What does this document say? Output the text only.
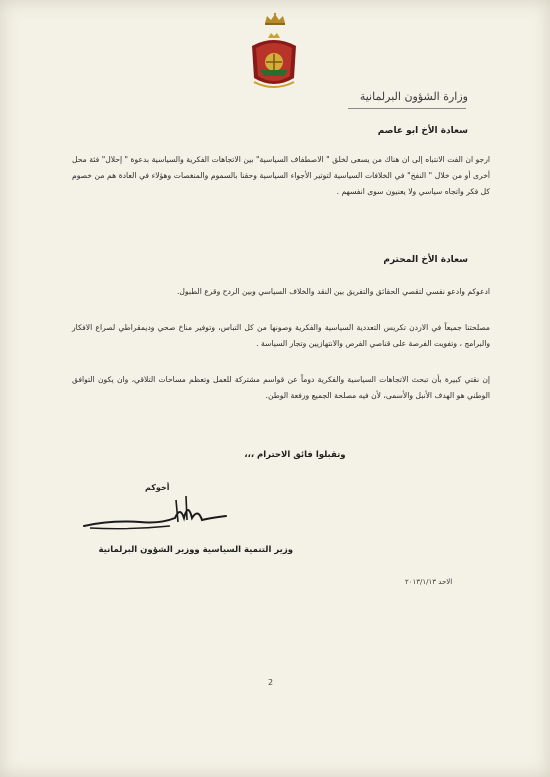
وزارة الشؤون البرلمانية
سعادة الأخ ابو عاصم
ارجو ان الفت الانتباه إلى ان هناك من يسعى لخلق " الاصطفاف السياسية" بين الاتجاهات الفكرية والسياسية بدعوة " إحلال" فئة محل أخرى أو من خلال " النفخ" في الخلافات السياسية لتوتير الأجواء السياسية وحقنا بالسموم والمنغصات وهؤلاء في العادة هم من خصوم كل فكر واتجاه سياسي ولا يعنيون سوى انفسهم .
سعادة الأخ المحترم
ادعوكم وادعو نفسي لتقصي الحقائق والتفريق بين النقد والخلاف السياسي وبين الردح وقرع الطبول.
مصلحتنا جميعاً في الاردن تكريس التعددية السياسية والفكرية وصونها من كل التباس، وتوفير مناخ صحي وديمقراطي لصراع الافكار والبرامج ، وتفويت الفرصة على قناصي الفرص والانتهازيين وتجار السياسة .
إن نقتي كبيرة بأن تبحث الاتجاهات السياسية والفكرية دوماً عن قواسم مشتركة للعمل وتعظم مساحات التلاقي، وان يكون التوافق الوطني هو الهدف الأنبل والأسمى، لأن فيه مصلحة الجميع ورفعة الوطن.
وتقبلوا فائق الاحترام ،،،
أخوكم
وزير التنمية السياسية ووزير الشؤون البرلمانية
الاحد ٢٠١٣/١/١٣
2
